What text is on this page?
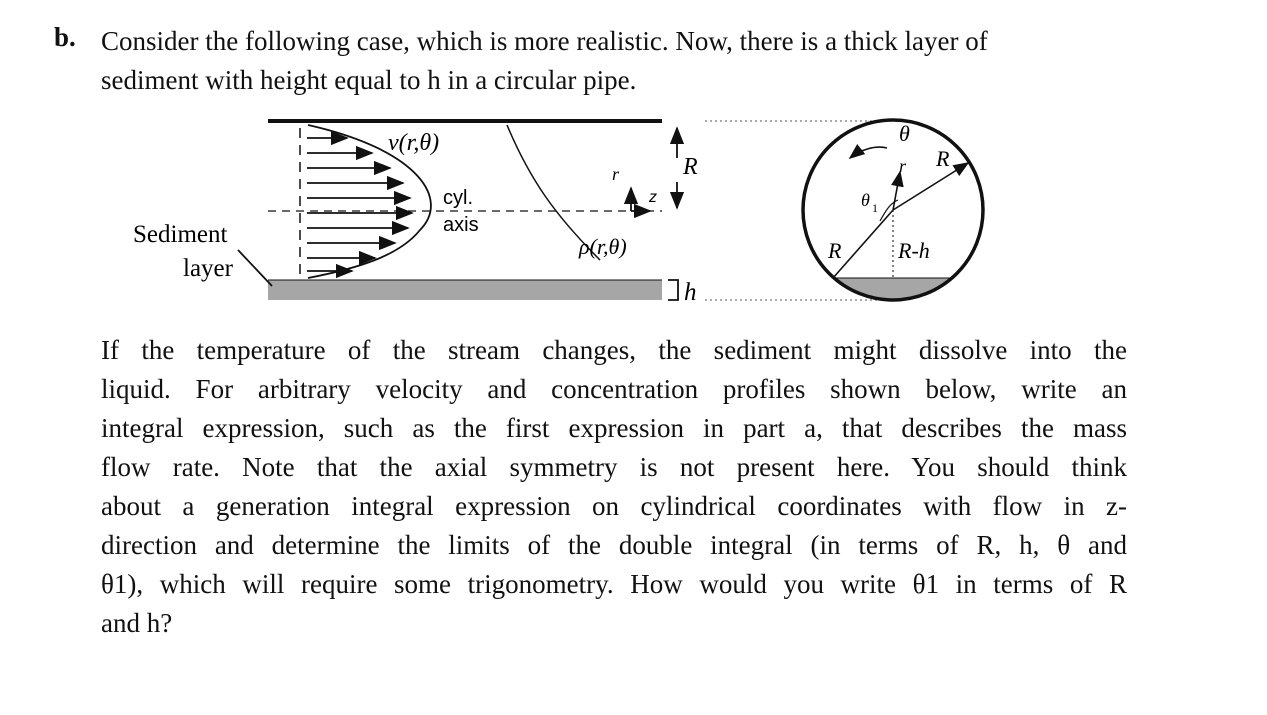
b. Consider the following case, which is more realistic. Now, there is a thick layer of
sediment with height equal to h in a circular pipe.
v(r,θ)
cyl.
axis
Sediment
layer
r
z
R
ρ(r,θ)
h
θ
θ 1
r R
R	R-h
If the temperature of the stream changes, the sediment might dissolve into the
liquid. For arbitrary velocity and concentration profiles shown below, write an
integral expression, such as the first expression in part a, that describes the mass
flow rate. Note that the axial symmetry is not present here. You should think
about a generation integral expression on cylindrical coordinates with flow in z-
direction and determine the limits of the double integral (in terms of R, h, θ and
θ1), which will require some trigonometry. How would you write θ1 in terms of R
and h?
